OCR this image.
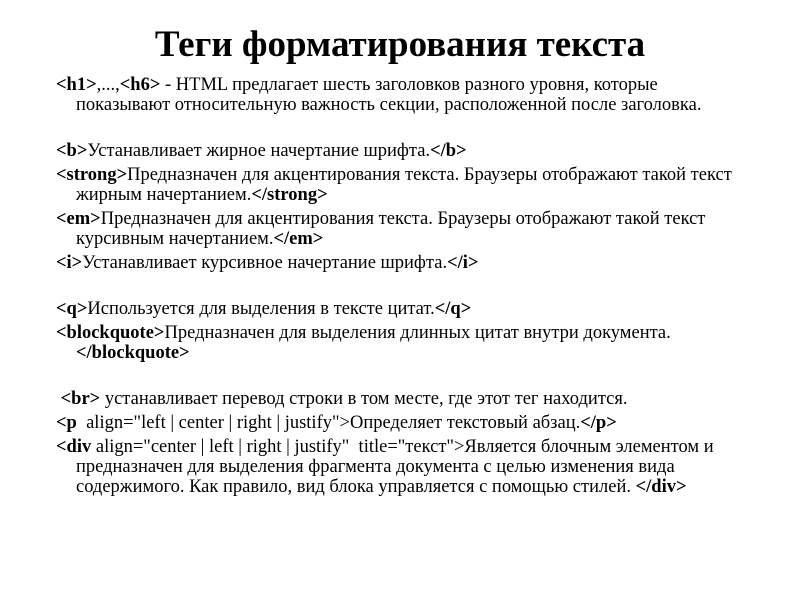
Теги форматирования текста

<h1>,...,<h6> - HTML предлагает шесть заголовков разного уровня, которые показывают относительную важность секции, расположенной после заголовка.

<b>Устанавливает жирное начертание шрифта.</b>

<strong>Предназначен для акцентирования текста. Браузеры отображают такой текст жирным начертанием.</strong>

<em>Предназначен для акцентирования текста. Браузеры отображают такой текст курсивным начертанием.</em>

<i>Устанавливает курсивное начертание шрифта.</i>

<q>Используется для выделения в тексте цитат.</q>

<blockquote>Предназначен для выделения длинных цитат внутри документа.</blockquote>

<br> устанавливает перевод строки в том месте, где этот тег находится.

<p  align="left | center | right | justify">Определяет текстовый абзац.</p>

<div align="center | left | right | justify"  title="текст">Является блочным элементом и предназначен для выделения фрагмента документа с целью изменения вида содержимого. Как правило, вид блока управляется с помощью стилей. </div>
